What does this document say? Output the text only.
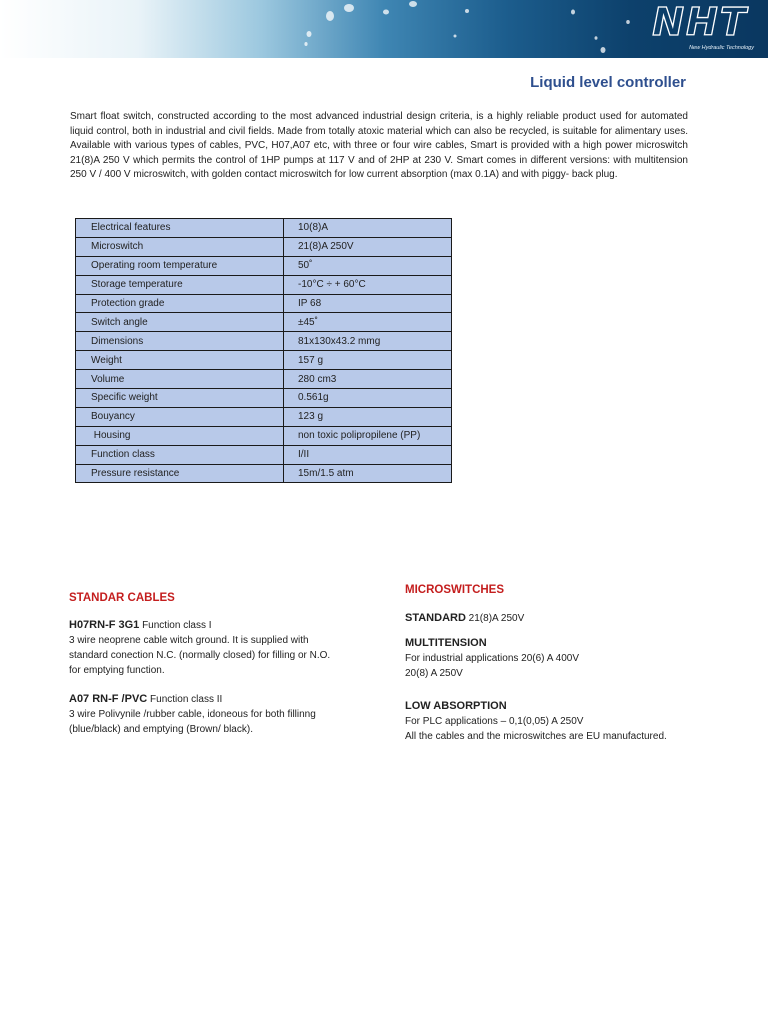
NHT
New Hydraulic Technology
Liquid level controller

Smart float switch, constructed according to the most advanced industrial design criteria, is a highly reliable product used for automated liquid control, both in industrial and civil fields. Made from totally atoxic material which can also be recycled, is suitable for alimentary uses. Available with various types of cables, PVC, H07,A07 etc, with three or four wire cables, Smart is provided with a high power microswitch 21(8)A 250 V which permits the control of 1HP pumps at 117 V and of 2HP at 230 V. Smart comes in different versions: with multitension 250 V / 400 V microswitch, with golden contact microswitch for low current absorption (max 0.1A) and with piggy- back plug.

Electrical features	10(8)A
Microswitch	21(8)A 250V
Operating room temperature	50˚
Storage temperature	-10°C ÷ + 60°C
Protection grade	IP 68
Switch angle	±45˚
Dimensions	81x130x43.2 mmg
Weight	157 g
Volume	280 cm3
Specific weight	0.561g
Bouyancy	123 g
Housing	non toxic polipropilene (PP)
Function class	I/II
Pressure resistance	15m/1.5 atm
STANDAR CABLES
H07RN-F 3G1 Function class I
3 wire neoprene cable witch ground. It is supplied with
standard conection N.C. (normally closed) for filling or N.O.
for emptying function.
A07 RN-F /PVC Function class II
3 wire Polivynile /rubber cable, idoneous for both fillinng
(blue/black) and emptying (Brown/ black).
MICROSWITCHES
STANDARD 21(8)A 250V
MULTITENSION
For industrial applications 20(6) A 400V
20(8) A 250V
LOW ABSORPTION
For PLC applications – 0,1(0,05) A 250V
All the cables and the microswitches are EU manufactured.
